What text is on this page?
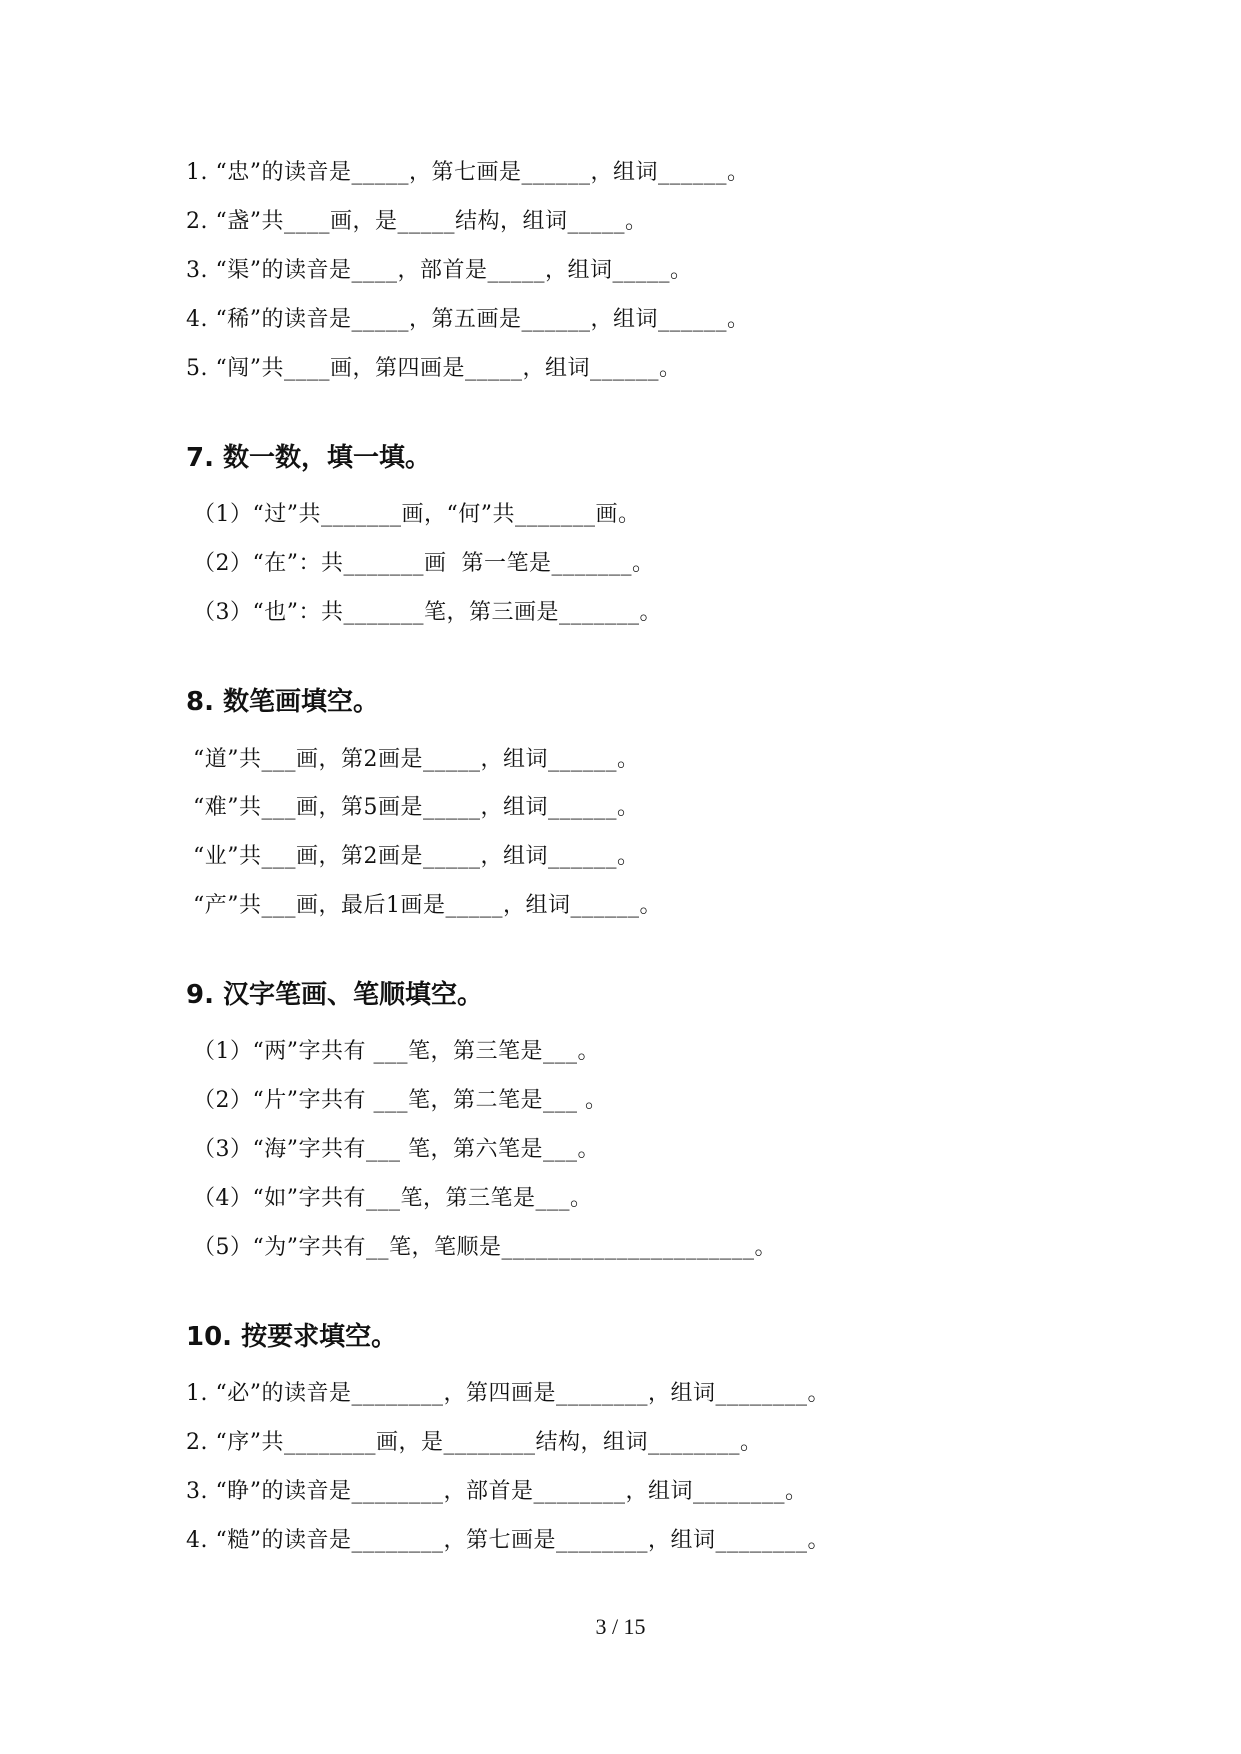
1. “忠”的读音是_____，第七画是______，组词______。
2. “盏”共____画，是_____结构，组词_____。
3. “渠”的读音是____，部首是_____，组词_____。
4. “稀”的读音是_____，第五画是______，组词______。
5. “闯”共____画，第四画是_____，组词______。
7. 数一数，填一填。
（1）“过”共_______画，“何”共_______画。
（2）“在”：共_______画  第一笔是_______。
（3）“也”：共_______笔，第三画是_______。
8. 数笔画填空。
“道”共___画，第2画是_____，组词______。
“难”共___画，第5画是_____，组词______。
“业”共___画，第2画是_____，组词______。
“产”共___画，最后1画是_____，组词______。
9. 汉字笔画、笔顺填空。
（1）“两”字共有 ___笔，第三笔是___。
（2）“片”字共有 ___笔，第二笔是___ 。
（3）“海”字共有___ 笔，第六笔是___。
（4）“如”字共有___笔，第三笔是___。
（5）“为”字共有__笔，笔顺是______________________。
10. 按要求填空。
1. “必”的读音是________，第四画是________，组词________。
2. “序”共________画，是________结构，组词________。
3. “睁”的读音是________，部首是________，组词________。
4. “糙”的读音是________，第七画是________，组词________。
3 / 15
